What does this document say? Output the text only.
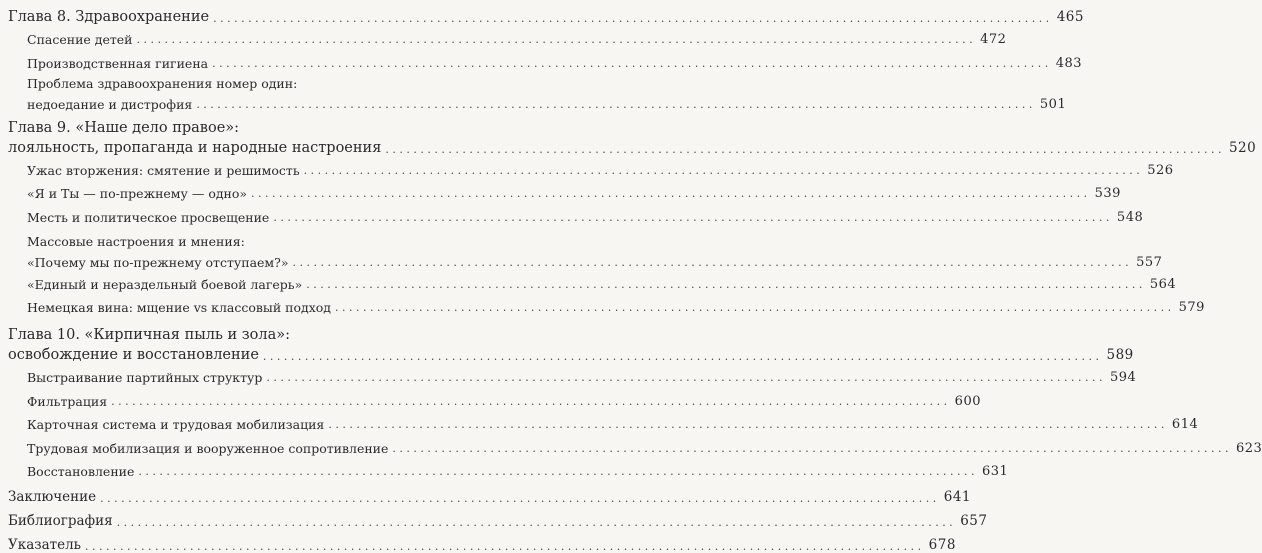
Глава 8. Здравоохранение ........................................................................................................................ 465
Спасение детей ........................................................................................................................ 472
Производственная гигиена ........................................................................................................................ 483
Проблема здравоохранения номер один:
недоедание и дистрофия ........................................................................................................................ 501
Глава 9. «Наше дело правое»:
лояльность, пропаганда и народные настроения ........................................................................................................................ 520
Ужас вторжения: смятение и решимость ........................................................................................................................ 526
«Я и Ты — по-прежнему — одно» ........................................................................................................................ 539
Месть и политическое просвещение ........................................................................................................................ 548
Массовые настроения и мнения:
«Почему мы по-прежнему отступаем?» ........................................................................................................................ 557
«Единый и нераздельный боевой лагерь» ........................................................................................................................ 564
Немецкая вина: мщение vs классовый подход ........................................................................................................................ 579
Глава 10. «Кирпичная пыль и зола»:
освобождение и восстановление ........................................................................................................................ 589
Выстраивание партийных структур ........................................................................................................................ 594
Фильтрация ........................................................................................................................ 600
Карточная система и трудовая мобилизация ........................................................................................................................ 614
Трудовая мобилизация и вооруженное сопротивление ........................................................................................................................ 623
Восстановление ........................................................................................................................ 631
Заключение ........................................................................................................................ 641
Библиография ........................................................................................................................ 657
Указатель ........................................................................................................................ 678
